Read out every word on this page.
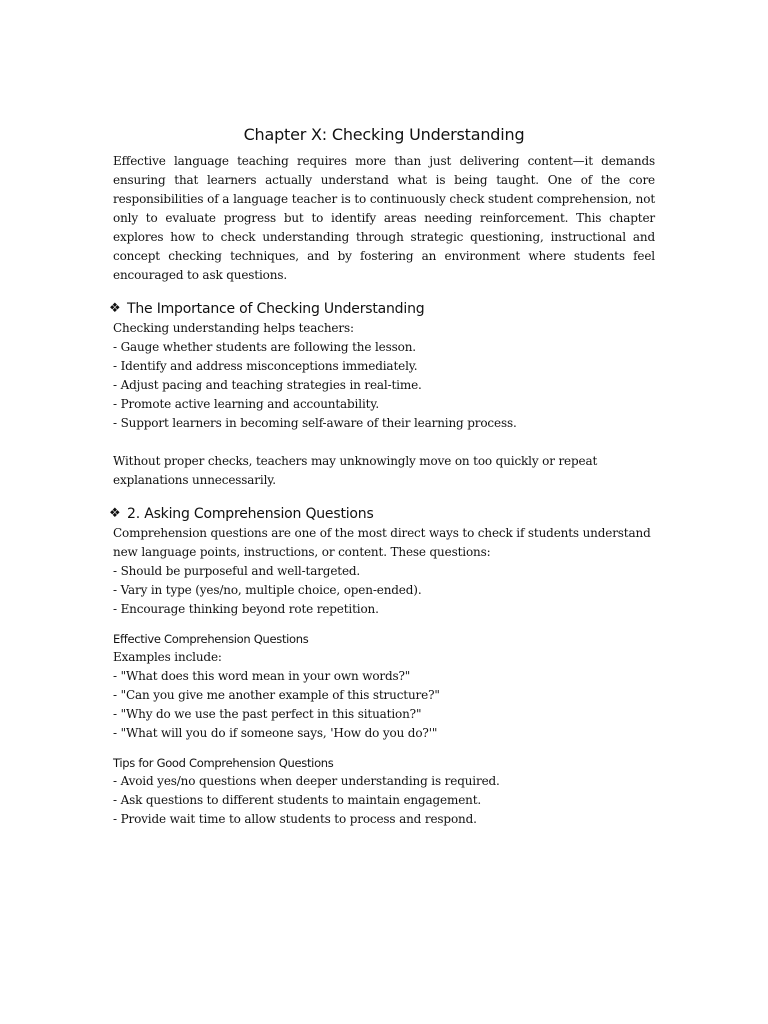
Chapter X: Checking Understanding

Effective language teaching requires more than just delivering content—it demands ensuring that learners actually understand what is being taught. One of the core responsibilities of a language teacher is to continuously check student comprehension, not only to evaluate progress but to identify areas needing reinforcement. This chapter explores how to check understanding through strategic questioning, instructional and concept checking techniques, and by fostering an environment where students feel encouraged to ask questions.

❖ The Importance of Checking Understanding

Checking understanding helps teachers:

- Gauge whether students are following the lesson.
- Identify and address misconceptions immediately.
- Adjust pacing and teaching strategies in real-time.
- Promote active learning and accountability.
- Support learners in becoming self-aware of their learning process.

Without proper checks, teachers may unknowingly move on too quickly or repeat explanations unnecessarily.

❖ 2. Asking Comprehension Questions

Comprehension questions are one of the most direct ways to check if students understand new language points, instructions, or content. These questions:

- Should be purposeful and well-targeted.
- Vary in type (yes/no, multiple choice, open-ended).
- Encourage thinking beyond rote repetition.
Effective Comprehension Questions

Examples include:

- "What does this word mean in your own words?"
- "Can you give me another example of this structure?"
- "Why do we use the past perfect in this situation?"
- "What will you do if someone says, 'How do you do?'"
Tips for Good Comprehension Questions
- Avoid yes/no questions when deeper understanding is required.
- Ask questions to different students to maintain engagement.
- Provide wait time to allow students to process and respond.
